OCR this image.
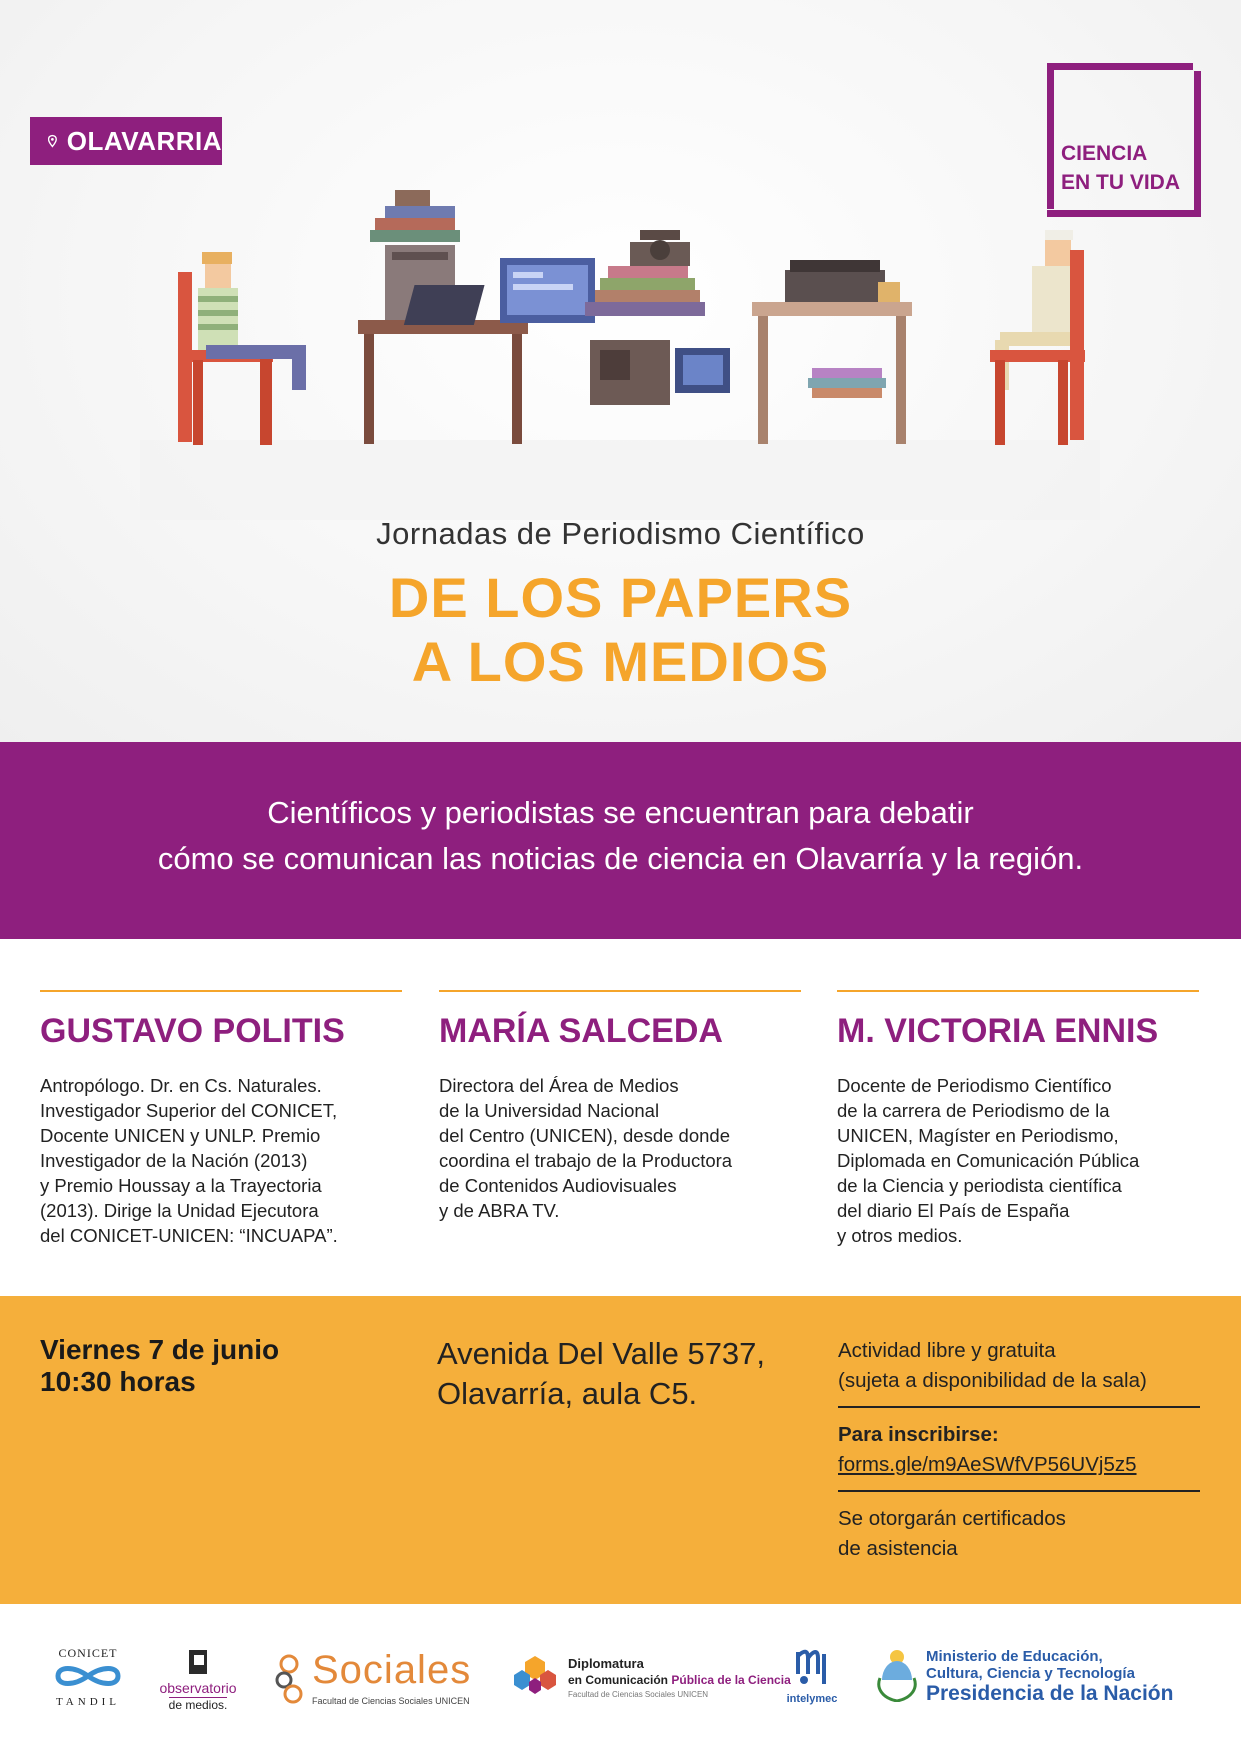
OLAVARRIA	CIENCIA
EN TU VIDA
Jornadas de Periodismo Científico
DE LOS PAPERS
A LOS MEDIOS
Científicos y periodistas se encuentran para debatir
cómo se comunican las noticias de ciencia en Olavarría y la región.
GUSTAVO POLITIS
Antropólogo. Dr. en Cs. Naturales.
Investigador Superior del CONICET,
Docente UNICEN y UNLP. Premio
Investigador de la Nación (2013)
y Premio Houssay a la Trayectoria
(2013). Dirige la Unidad Ejecutora
del CONICET-UNICEN: “INCUAPA”.
MARÍA SALCEDA
Directora del Área de Medios
de la Universidad Nacional
del Centro (UNICEN), desde donde
coordina el trabajo de la Productora
de Contenidos Audiovisuales
y de ABRA TV.
M. VICTORIA ENNIS
Docente de Periodismo Científico
de la carrera de Periodismo de la
UNICEN, Magíster en Periodismo,
Diplomada en Comunicación Pública
de la Ciencia y periodista científica
del diario El País de España
y otros medios.
Viernes 7 de junio
10:30 horas
Avenida Del Valle 5737,
Olavarría, aula C5.
Actividad libre y gratuita
(sujeta a disponibilidad de la sala)
Para inscribirse:
forms.gle/m9AeSWfVP56UVj5z5
Se otorgarán certificados
de asistencia
CONICET
TANDIL
observatorio
de medios.
Sociales
Facultad de Ciencias Sociales UNICEN
Diplomatura
en Comunicación Pública de la Ciencia
Facultad de Ciencias Sociales UNICEN	intelymec
Ministerio de Educación,
Cultura, Ciencia y Tecnología
Presidencia de la Nación
